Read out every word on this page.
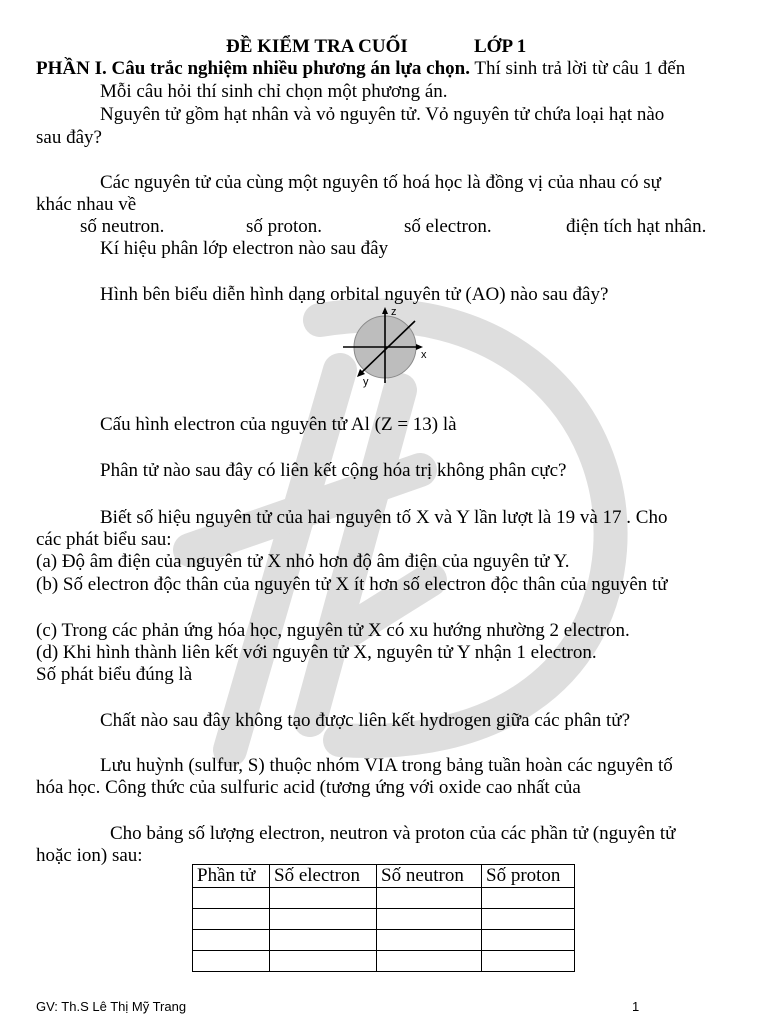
ĐỀ KIỂM TRA CUỐI	LỚP 1
PHẦN I. Câu trắc nghiệm nhiều phương án lựa chọn. Thí sinh trả lời từ câu 1 đến
Mỗi câu hỏi thí sinh chỉ chọn một phương án.
Nguyên tử gồm hạt nhân và vỏ nguyên tử. Vỏ nguyên tử chứa loại hạt nào
sau đây?
Các nguyên tử của cùng một nguyên tố hoá học là đồng vị của nhau có sự
khác nhau về
số neutron.	số proton.	số electron.	điện tích hạt nhân.
Kí hiệu phân lớp electron nào sau đây
Hình bên biểu diễn hình dạng orbital nguyên tử (AO) nào sau đây?
z
x
y
Cấu hình electron của nguyên tử Al (Z = 13) là
Phân tử nào sau đây có liên kết cộng hóa trị không phân cực?
Biết số hiệu nguyên tử của hai nguyên tố X và Y lần lượt là 19 và 17 . Cho
các phát biểu sau:
(a) Độ âm điện của nguyên tử X nhỏ hơn độ âm điện của nguyên tử Y.
(b) Số electron độc thân của nguyên tử X ít hơn số electron độc thân của nguyên tử
(c) Trong các phản ứng hóa học, nguyên tử X có xu hướng nhường 2 electron.
(d) Khi hình thành liên kết với nguyên tử X, nguyên tử Y nhận 1 electron.
Số phát biểu đúng là
Chất nào sau đây không tạo được liên kết hydrogen giữa các phân tử?
Lưu huỳnh (sulfur, S) thuộc nhóm VIA trong bảng tuần hoàn các nguyên tố
hóa học. Công thức của sulfuric acid (tương ứng với oxide cao nhất của
Cho bảng số lượng electron, neutron và proton của các phần tử (nguyên tử
hoặc ion) sau:
Phần tử	Số electron	Số neutron	Số proton

GV: Th.S Lê Thị Mỹ Trang	1
